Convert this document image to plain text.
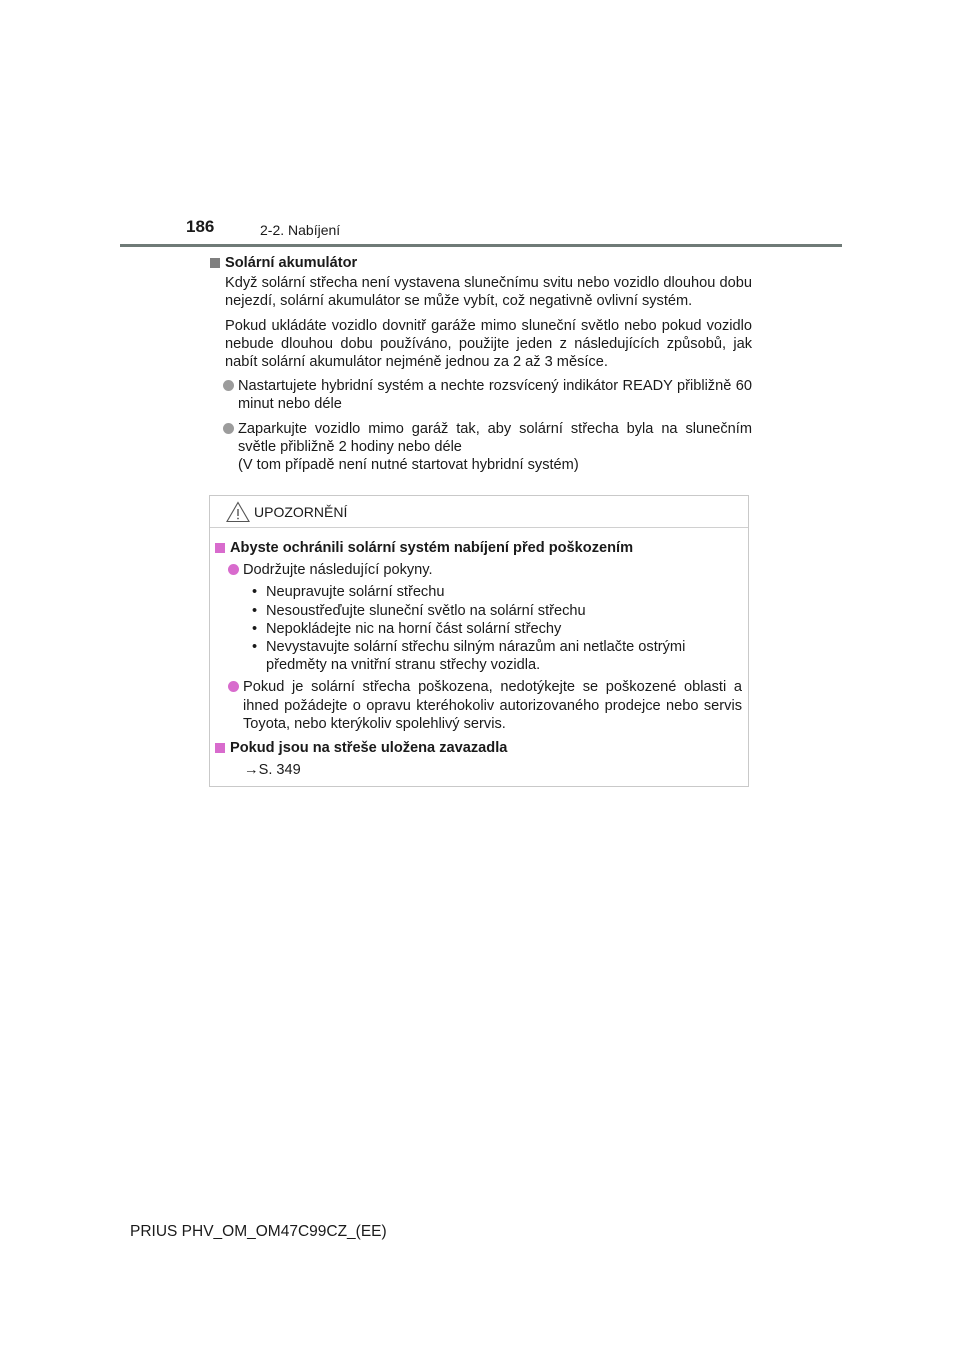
186	2-2. Nabíjení
Solární akumulátor
Když solární střecha není vystavena slunečnímu svitu nebo vozidlo dlouhou dobu nejezdí, solární akumulátor se může vybít, což negativně ovlivní systém.
Pokud ukládáte vozidlo dovnitř garáže mimo sluneční světlo nebo pokud vozidlo nebude dlouhou dobu používáno, použijte jeden z následujících způsobů, jak nabít solární akumulátor nejméně jednou za 2 až 3 měsíce.
Nastartujete hybridní systém a nechte rozsvícený indikátor READY přibližně 60 minut nebo déle
Zaparkujte vozidlo mimo garáž tak, aby solární střecha byla na slunečním světle přibližně 2 hodiny nebo déle
(V tom případě není nutné startovat hybridní systém)
UPOZORNĚNÍ
Abyste ochránili solární systém nabíjení před poškozením
Dodržujte následující pokyny.
• Neupravujte solární střechu
• Nesoustřeďujte sluneční světlo na solární střechu
• Nepokládejte nic na horní část solární střechy
• Nevystavujte solární střechu silným nárazům ani netlačte ostrými předměty na vnitřní stranu střechy vozidla.
Pokud je solární střecha poškozena, nedotýkejte se poškozené oblasti a ihned požádejte o opravu kteréhokoliv autorizovaného prodejce nebo servis Toyota, nebo kterýkoliv spolehlivý servis.
Pokud jsou na střeše uložena zavazadla
→S. 349
PRIUS PHV_OM_OM47C99CZ_(EE)
